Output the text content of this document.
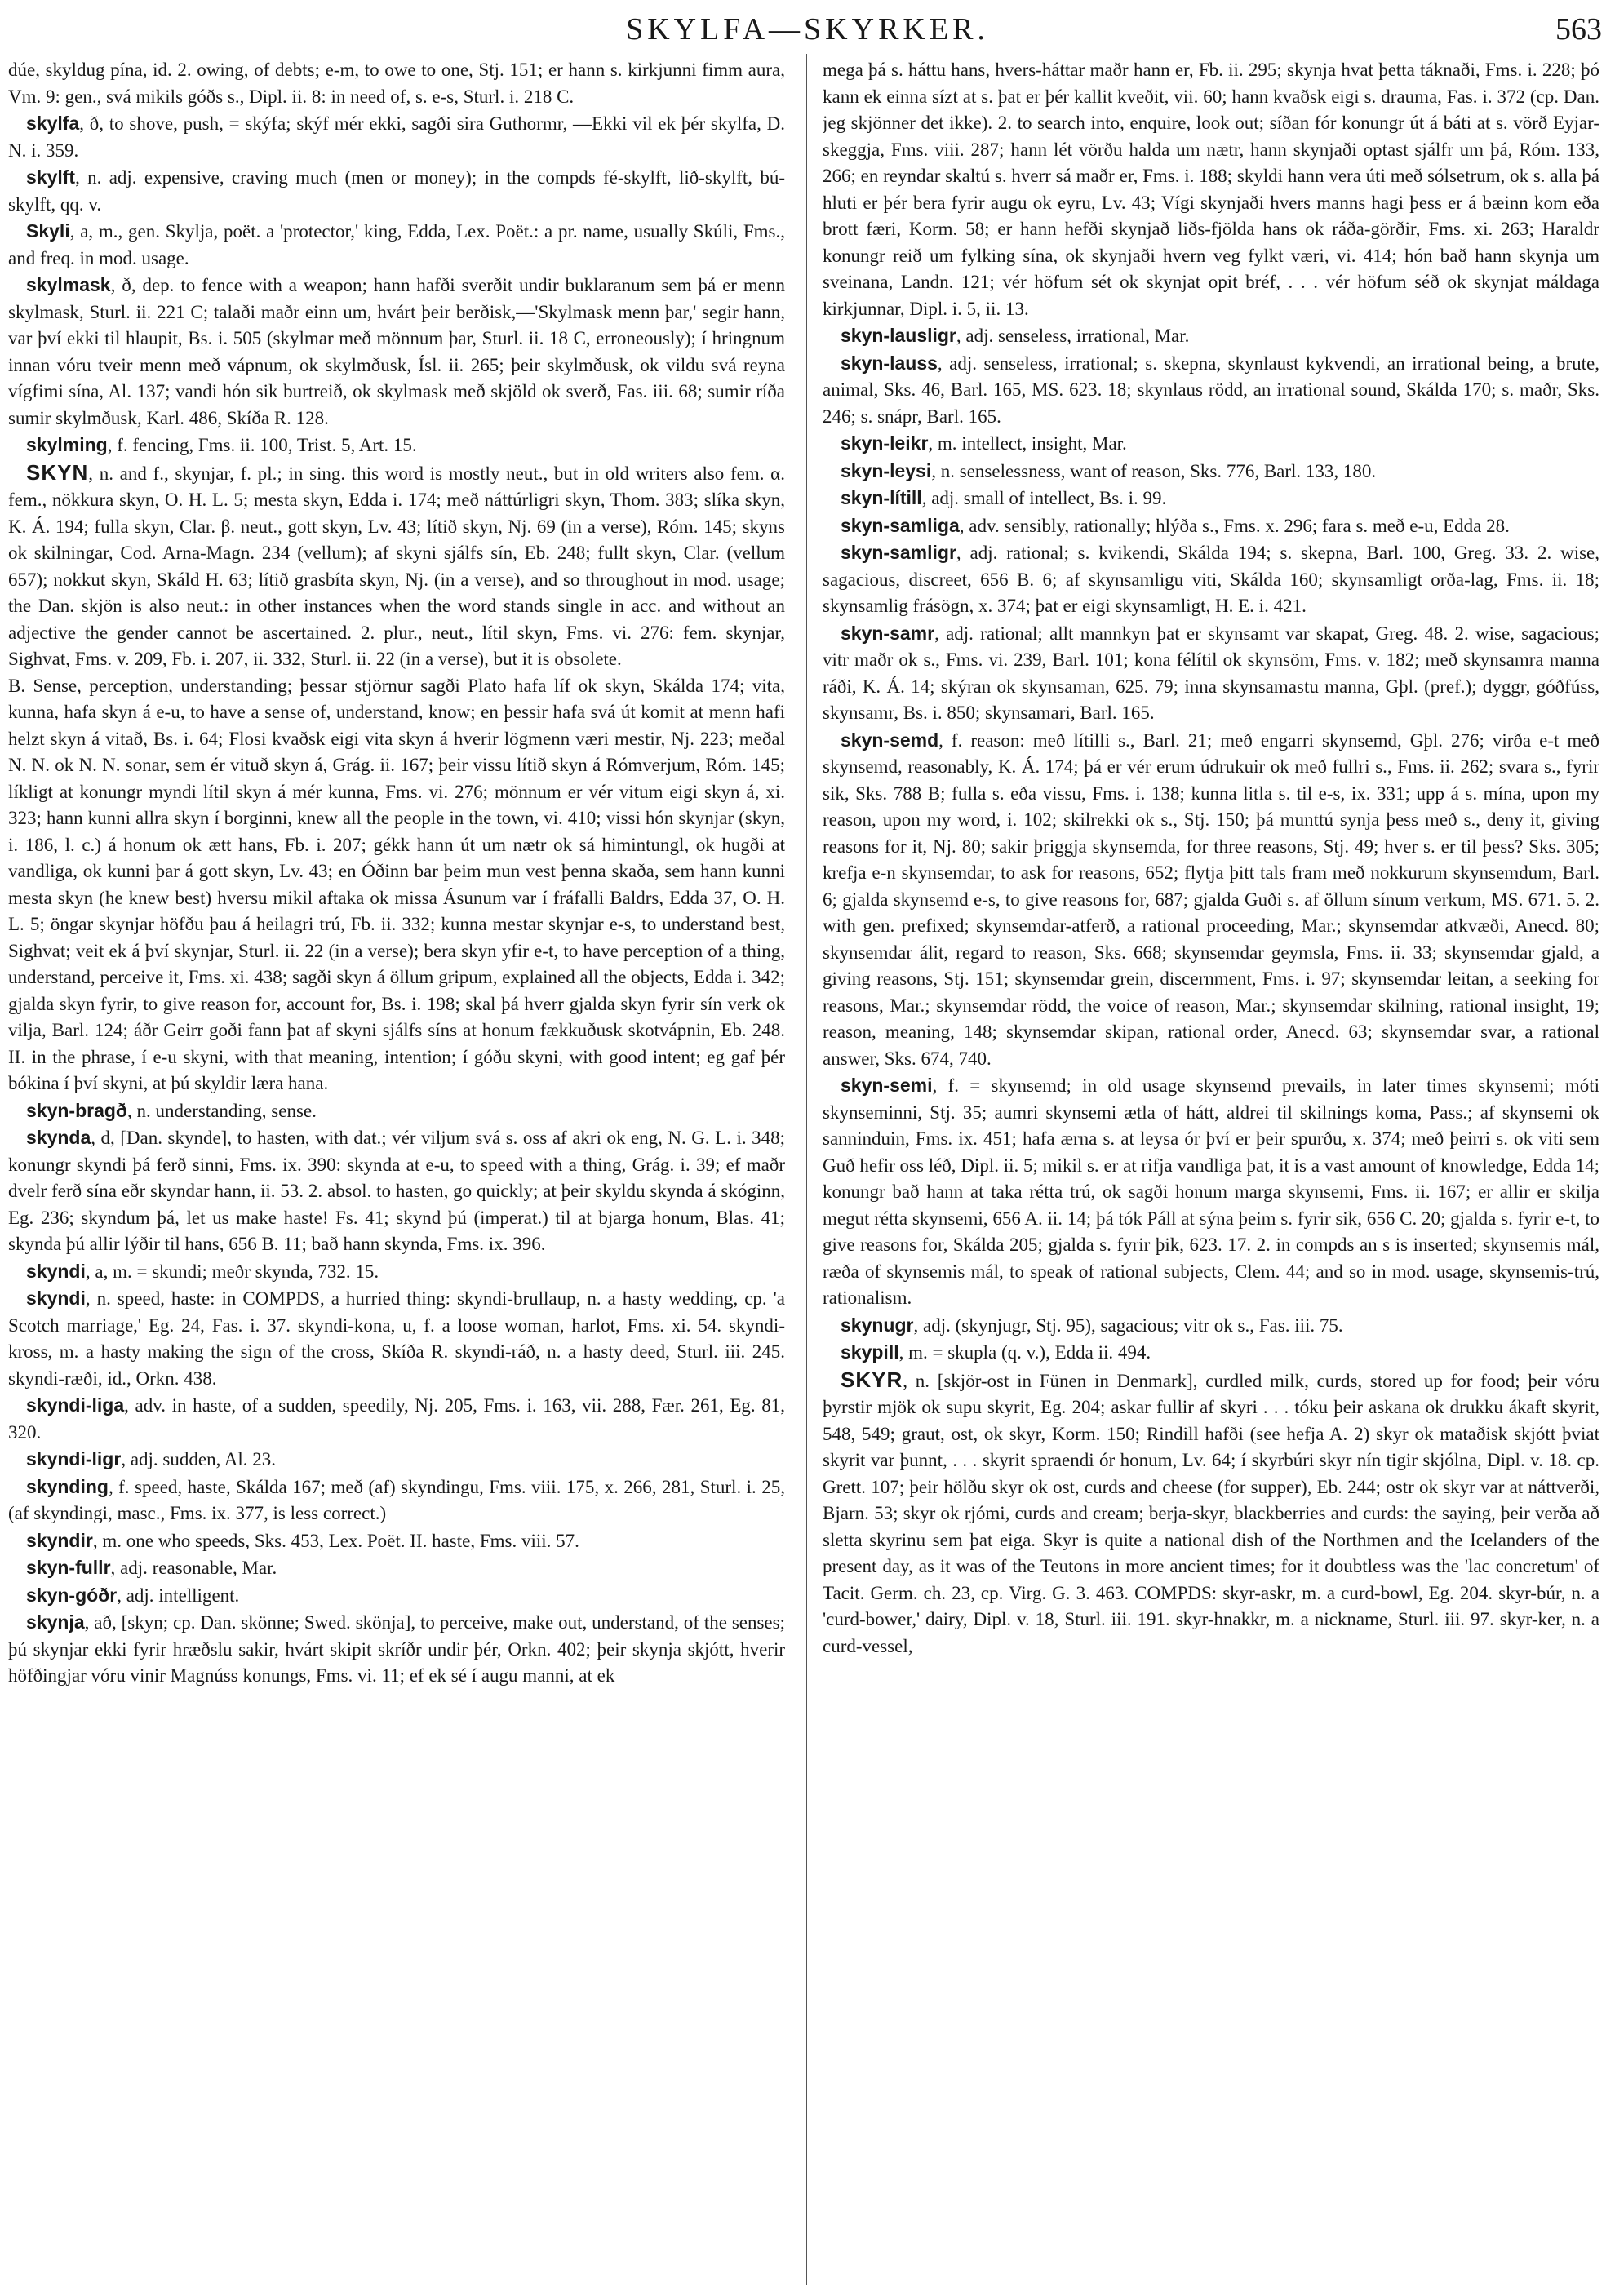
SKYLFA—SKYRKER.	563

dúe, skyldug pína, id. 2. owing, of debts; e-m, to owe to one, Stj. 151; er hann s. kirkjunni fimm aura, Vm. 9: gen., svá mikils góðs s., Dipl. ii. 8: in need of, s. e-s, Sturl. i. 218 C.

skylfa, ð, to shove, push, = skýfa; skýf mér ekki, sagði sira Guthormr, —Ekki vil ek þér skylfa, D. N. i. 359.

skylft, n. adj. expensive, craving much (men or money); in the compds fé-skylft, lið-skylft, bú-skylft, qq. v.

Skyli, a, m., gen. Skylja, poët. a 'protector,' king, Edda, Lex. Poët.: a pr. name, usually Skúli, Fms., and freq. in mod. usage.

skylmask, ð, dep. to fence with a weapon; hann hafði sverðit undir buklaranum sem þá er menn skylmask, Sturl. ii. 221 C; talaði maðr einn um, hvárt þeir berðisk,—'Skylmask menn þar,' segir hann, var því ekki til hlaupit, Bs. i. 505 (skylmar með mönnum þar, Sturl. ii. 18 C, erroneously); í hringnum innan vóru tveir menn með vápnum, ok skylmðusk, Ísl. ii. 265; þeir skylmðusk, ok vildu svá reyna vígfimi sína, Al. 137; vandi hón sik burtreið, ok skylmask með skjöld ok sverð, Fas. iii. 68; sumir ríða sumir skylmðusk, Karl. 486, Skíða R. 128.

skylming, f. fencing, Fms. ii. 100, Trist. 5, Art. 15.

SKYN, n. and f., skynjar, f. pl.; in sing. this word is mostly neut., but in old writers also fem. α. fem., nökkura skyn, O. H. L. 5; mesta skyn, Edda i. 174; með náttúrligri skyn, Thom. 383; slíka skyn, K. Á. 194; fulla skyn, Clar. β. neut., gott skyn, Lv. 43; lítið skyn, Nj. 69 (in a verse), Róm. 145; skyns ok skilningar, Cod. Arna-Magn. 234 (vellum); af skyni sjálfs sín, Eb. 248; fullt skyn, Clar. (vellum 657); nokkut skyn, Skáld H. 63; lítið grasbíta skyn, Nj. (in a verse), and so throughout in mod. usage; the Dan. skjön is also neut.: in other instances when the word stands single in acc. and without an adjective the gender cannot be ascertained. 2. plur., neut., lítil skyn, Fms. vi. 276: fem. skynjar, Sighvat, Fms. v. 209, Fb. i. 207, ii. 332, Sturl. ii. 22 (in a verse), but it is obsolete.

B. Sense, perception, understanding; þessar stjörnur sagði Plato hafa líf ok skyn, Skálda 174; vita, kunna, hafa skyn á e-u, to have a sense of, understand, know; en þessir hafa svá út komit at menn hafi helzt skyn á vitað, Bs. i. 64; Flosi kvaðsk eigi vita skyn á hverir lögmenn væri mestir, Nj. 223; meðal N. N. ok N. N. sonar, sem ér vituð skyn á, Grág. ii. 167; þeir vissu lítið skyn á Rómverjum, Róm. 145; líkligt at konungr myndi lítil skyn á mér kunna, Fms. vi. 276; mönnum er vér vitum eigi skyn á, xi. 323; hann kunni allra skyn í borginni, knew all the people in the town, vi. 410; vissi hón skynjar (skyn, i. 186, l. c.) á honum ok ætt hans, Fb. i. 207; gékk hann út um nætr ok sá himintungl, ok hugði at vandliga, ok kunni þar á gott skyn, Lv. 43; en Óðinn bar þeim mun vest þenna skaða, sem hann kunni mesta skyn (he knew best) hversu mikil aftaka ok missa Ásunum var í fráfalli Baldrs, Edda 37, O. H. L. 5; öngar skynjar höfðu þau á heilagri trú, Fb. ii. 332; kunna mestar skynjar e-s, to understand best, Sighvat; veit ek á því skynjar, Sturl. ii. 22 (in a verse); bera skyn yfir e-t, to have perception of a thing, understand, perceive it, Fms. xi. 438; sagði skyn á öllum gripum, explained all the objects, Edda i. 342; gjalda skyn fyrir, to give reason for, account for, Bs. i. 198; skal þá hverr gjalda skyn fyrir sín verk ok vilja, Barl. 124; áðr Geirr goði fann þat af skyni sjálfs síns at honum fækkuðusk skotvápnin, Eb. 248. II. in the phrase, í e-u skyni, with that meaning, intention; í góðu skyni, with good intent; eg gaf þér bókina í því skyni, at þú skyldir læra hana.

skyn-bragð, n. understanding, sense.

skynda, d, [Dan. skynde], to hasten, with dat.; vér viljum svá s. oss af akri ok eng, N. G. L. i. 348; konungr skyndi þá ferð sinni, Fms. ix. 390: skynda at e-u, to speed with a thing, Grág. i. 39; ef maðr dvelr ferð sína eðr skyndar hann, ii. 53. 2. absol. to hasten, go quickly; at þeir skyldu skynda á skóginn, Eg. 236; skyndum þá, let us make haste! Fs. 41; skynd þú (imperat.) til at bjarga honum, Blas. 41; skynda þú allir lýðir til hans, 656 B. 11; bað hann skynda, Fms. ix. 396.

skyndi, a, m. = skundi; meðr skynda, 732. 15.

skyndi, n. speed, haste: in COMPDS, a hurried thing: skyndi-brullaup, n. a hasty wedding, cp. 'a Scotch marriage,' Eg. 24, Fas. i. 37. skyndi-kona, u, f. a loose woman, harlot, Fms. xi. 54. skyndi-kross, m. a hasty making the sign of the cross, Skíða R. skyndi-ráð, n. a hasty deed, Sturl. iii. 245. skyndi-ræði, id., Orkn. 438.

skyndi-liga, adv. in haste, of a sudden, speedily, Nj. 205, Fms. i. 163, vii. 288, Fær. 261, Eg. 81, 320.

skyndi-ligr, adj. sudden, Al. 23.

skynding, f. speed, haste, Skálda 167; með (af) skyndingu, Fms. viii. 175, x. 266, 281, Sturl. i. 25, (af skyndingi, masc., Fms. ix. 377, is less correct.)

skyndir, m. one who speeds, Sks. 453, Lex. Poët. II. haste, Fms. viii. 57.

skyn-fullr, adj. reasonable, Mar.

skyn-góðr, adj. intelligent.

skynja, að, [skyn; cp. Dan. skönne; Swed. skönja], to perceive, make out, understand, of the senses; þú skynjar ekki fyrir hræðslu sakir, hvárt skipit skríðr undir þér, Orkn. 402; þeir skynja skjótt, hverir höfðingjar vóru vinir Magnúss konungs, Fms. vi. 11; ef ek sé í augu manni, at ek

mega þá s. háttu hans, hvers-háttar maðr hann er, Fb. ii. 295; skynja hvat þetta táknaði, Fms. i. 228; þó kann ek einna sízt at s. þat er þér kallit kveðit, vii. 60; hann kvaðsk eigi s. drauma, Fas. i. 372 (cp. Dan. jeg skjönner det ikke). 2. to search into, enquire, look out; síðan fór konungr út á báti at s. vörð Eyjar-skeggja, Fms. viii. 287; hann lét vörðu halda um nætr, hann skynjaði optast sjálfr um þá, Róm. 133, 266; en reyndar skaltú s. hverr sá maðr er, Fms. i. 188; skyldi hann vera úti með sólsetrum, ok s. alla þá hluti er þér bera fyrir augu ok eyru, Lv. 43; Vígi skynjaði hvers manns hagi þess er á bæinn kom eða brott færi, Korm. 58; er hann hefði skynjað liðs-fjölda hans ok ráða-görðir, Fms. xi. 263; Haraldr konungr reið um fylking sína, ok skynjaði hvern veg fylkt væri, vi. 414; hón bað hann skynja um sveinana, Landn. 121; vér höfum sét ok skynjat opit bréf, . . . vér höfum séð ok skynjat máldaga kirkjunnar, Dipl. i. 5, ii. 13.

skyn-lausligr, adj. senseless, irrational, Mar.

skyn-lauss, adj. senseless, irrational; s. skepna, skynlaust kykvendi, an irrational being, a brute, animal, Sks. 46, Barl. 165, MS. 623. 18; skynlaus rödd, an irrational sound, Skálda 170; s. maðr, Sks. 246; s. snápr, Barl. 165.

skyn-leikr, m. intellect, insight, Mar.

skyn-leysi, n. senselessness, want of reason, Sks. 776, Barl. 133, 180.

skyn-lítill, adj. small of intellect, Bs. i. 99.

skyn-samliga, adv. sensibly, rationally; hlýða s., Fms. x. 296; fara s. með e-u, Edda 28.

skyn-samligr, adj. rational; s. kvikendi, Skálda 194; s. skepna, Barl. 100, Greg. 33. 2. wise, sagacious, discreet, 656 B. 6; af skynsamligu viti, Skálda 160; skynsamligt orða-lag, Fms. ii. 18; skynsamlig frásögn, x. 374; þat er eigi skynsamligt, H. E. i. 421.

skyn-samr, adj. rational; allt mannkyn þat er skynsamt var skapat, Greg. 48. 2. wise, sagacious; vitr maðr ok s., Fms. vi. 239, Barl. 101; kona félítil ok skynsöm, Fms. v. 182; með skynsamra manna ráði, K. Á. 14; skýran ok skynsaman, 625. 79; inna skynsamastu manna, Gþl. (pref.); dyggr, góðfúss, skynsamr, Bs. i. 850; skynsamari, Barl. 165.

skyn-semd, f. reason: með lítilli s., Barl. 21; með engarri skynsemd, Gþl. 276; virða e-t með skynsemd, reasonably, K. Á. 174; þá er vér erum údrukuir ok með fullri s., Fms. ii. 262; svara s., fyrir sik, Sks. 788 B; fulla s. eða vissu, Fms. i. 138; kunna litla s. til e-s, ix. 331; upp á s. mína, upon my reason, upon my word, i. 102; skilrekki ok s., Stj. 150; þá munttú synja þess með s., deny it, giving reasons for it, Nj. 80; sakir þriggja skynsemda, for three reasons, Stj. 49; hver s. er til þess? Sks. 305; krefja e-n skynsemdar, to ask for reasons, 652; flytja þitt tals fram með nokkurum skynsemdum, Barl. 6; gjalda skynsemd e-s, to give reasons for, 687; gjalda Guði s. af öllum sínum verkum, MS. 671. 5. 2. with gen. prefixed; skynsemdar-atferð, a rational proceeding, Mar.; skynsemdar atkvæði, Anecd. 80; skynsemdar álit, regard to reason, Sks. 668; skynsemdar geymsla, Fms. ii. 33; skynsemdar gjald, a giving reasons, Stj. 151; skynsemdar grein, discernment, Fms. i. 97; skynsemdar leitan, a seeking for reasons, Mar.; skynsemdar rödd, the voice of reason, Mar.; skynsemdar skilning, rational insight, 19; reason, meaning, 148; skynsemdar skipan, rational order, Anecd. 63; skynsemdar svar, a rational answer, Sks. 674, 740.

skyn-semi, f. = skynsemd; in old usage skynsemd prevails, in later times skynsemi; móti skynseminni, Stj. 35; aumri skynsemi ætla of hátt, aldrei til skilnings koma, Pass.; af skynsemi ok sanninduin, Fms. ix. 451; hafa ærna s. at leysa ór því er þeir spurðu, x. 374; með þeirri s. ok viti sem Guð hefir oss léð, Dipl. ii. 5; mikil s. er at rifja vandliga þat, it is a vast amount of knowledge, Edda 14; konungr bað hann at taka rétta trú, ok sagði honum marga skynsemi, Fms. ii. 167; er allir er skilja megut rétta skynsemi, 656 A. ii. 14; þá tók Páll at sýna þeim s. fyrir sik, 656 C. 20; gjalda s. fyrir e-t, to give reasons for, Skálda 205; gjalda s. fyrir þik, 623. 17. 2. in compds an s is inserted; skynsemis mál, ræða of skynsemis mál, to speak of rational subjects, Clem. 44; and so in mod. usage, skynsemis-trú, rationalism.

skynugr, adj. (skynjugr, Stj. 95), sagacious; vitr ok s., Fas. iii. 75.

skypill, m. = skupla (q. v.), Edda ii. 494.

SKYR, n. [skjör-ost in Fünen in Denmark], curdled milk, curds, stored up for food; þeir vóru þyrstir mjök ok supu skyrit, Eg. 204; askar fullir af skyri . . . tóku þeir askana ok drukku ákaft skyrit, 548, 549; graut, ost, ok skyr, Korm. 150; Rindill hafði (see hefja A. 2) skyr ok mataðisk skjótt þviat skyrit var þunnt, . . . skyrit spraendi ór honum, Lv. 64; í skyrbúri skyr nín tigir skjólna, Dipl. v. 18. cp. Grett. 107; þeir hölðu skyr ok ost, curds and cheese (for supper), Eb. 244; ostr ok skyr var at náttverði, Bjarn. 53; skyr ok rjómi, curds and cream; berja-skyr, blackberries and curds: the saying, þeir verða að sletta skyrinu sem þat eiga. Skyr is quite a national dish of the Northmen and the Icelanders of the present day, as it was of the Teutons in more ancient times; for it doubtless was the 'lac concretum' of Tacit. Germ. ch. 23, cp. Virg. G. 3. 463. COMPDS: skyr-askr, m. a curd-bowl, Eg. 204. skyr-búr, n. a 'curd-bower,' dairy, Dipl. v. 18, Sturl. iii. 191. skyr-hnakkr, m. a nickname, Sturl. iii. 97. skyr-ker, n. a curd-vessel,
